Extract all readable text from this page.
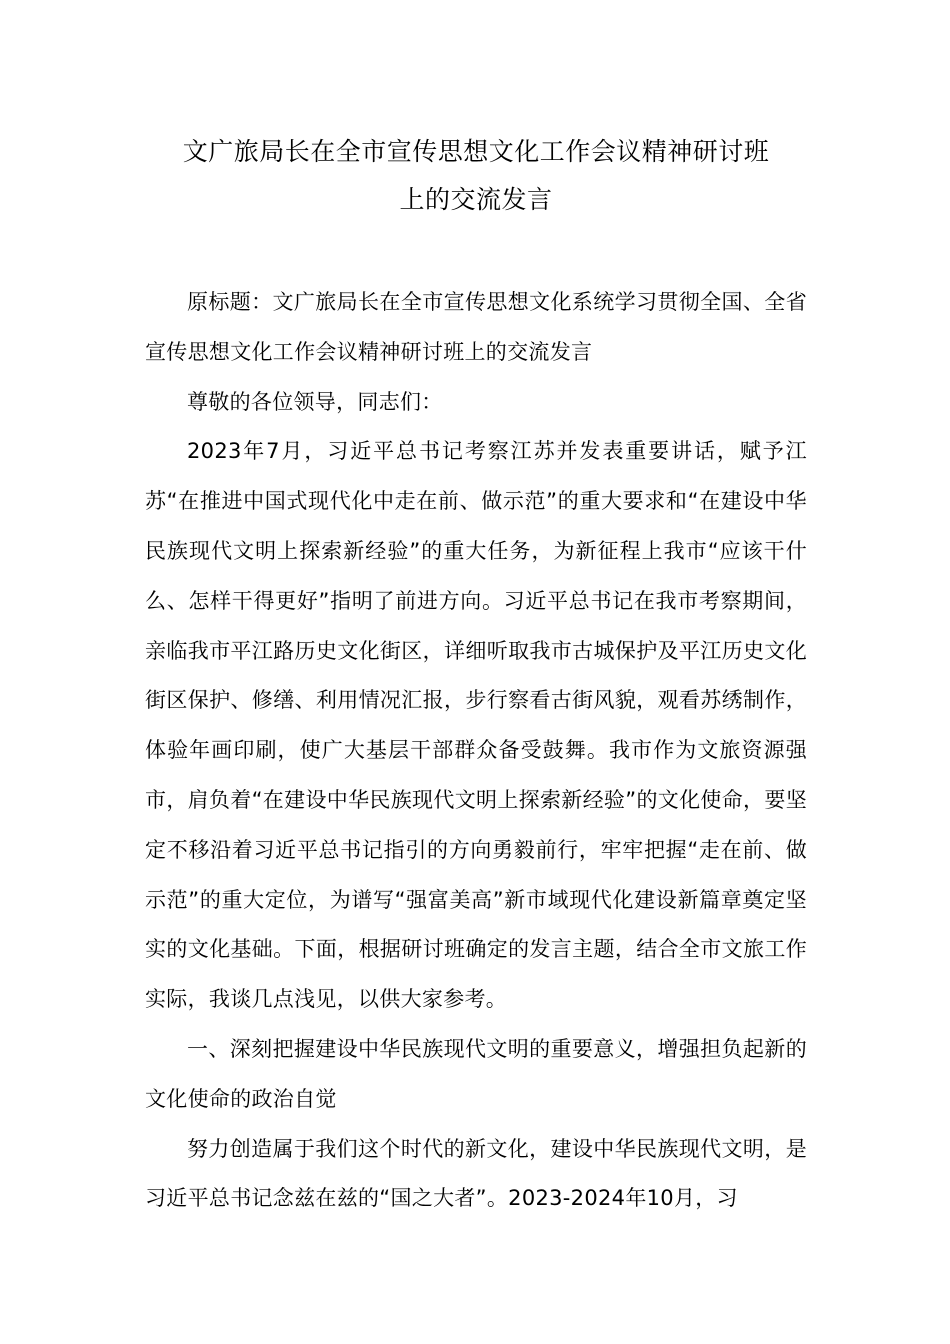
文广旅局长在全市宣传思想文化工作会议精神研讨班
上的交流发言

原标题：文广旅局长在全市宣传思想文化系统学习贯彻全国、全省宣传思想文化工作会议精神研讨班上的交流发言

尊敬的各位领导，同志们：

2023年7月，习近平总书记考察江苏并发表重要讲话，赋予江苏“在推进中国式现代化中走在前、做示范”的重大要求和“在建设中华民族现代文明上探索新经验”的重大任务，为新征程上我市“应该干什么、怎样干得更好”指明了前进方向。习近平总书记在我市考察期间，亲临我市平江路历史文化街区，详细听取我市古城保护及平江历史文化街区保护、修缮、利用情况汇报，步行察看古街风貌，观看苏绣制作，体验年画印刷，使广大基层干部群众备受鼓舞。我市作为文旅资源强市，肩负着“在建设中华民族现代文明上探索新经验”的文化使命，要坚定不移沿着习近平总书记指引的方向勇毅前行，牢牢把握“走在前、做示范”的重大定位，为谱写“强富美高”新市域现代化建设新篇章奠定坚实的文化基础。下面，根据研讨班确定的发言主题，结合全市文旅工作实际，我谈几点浅见，以供大家参考。

一、深刻把握建设中华民族现代文明的重要意义，增强担负起新的文化使命的政治自觉

努力创造属于我们这个时代的新文化，建设中华民族现代文明，是习近平总书记念兹在兹的“国之大者”。2023-2024年10月，习
